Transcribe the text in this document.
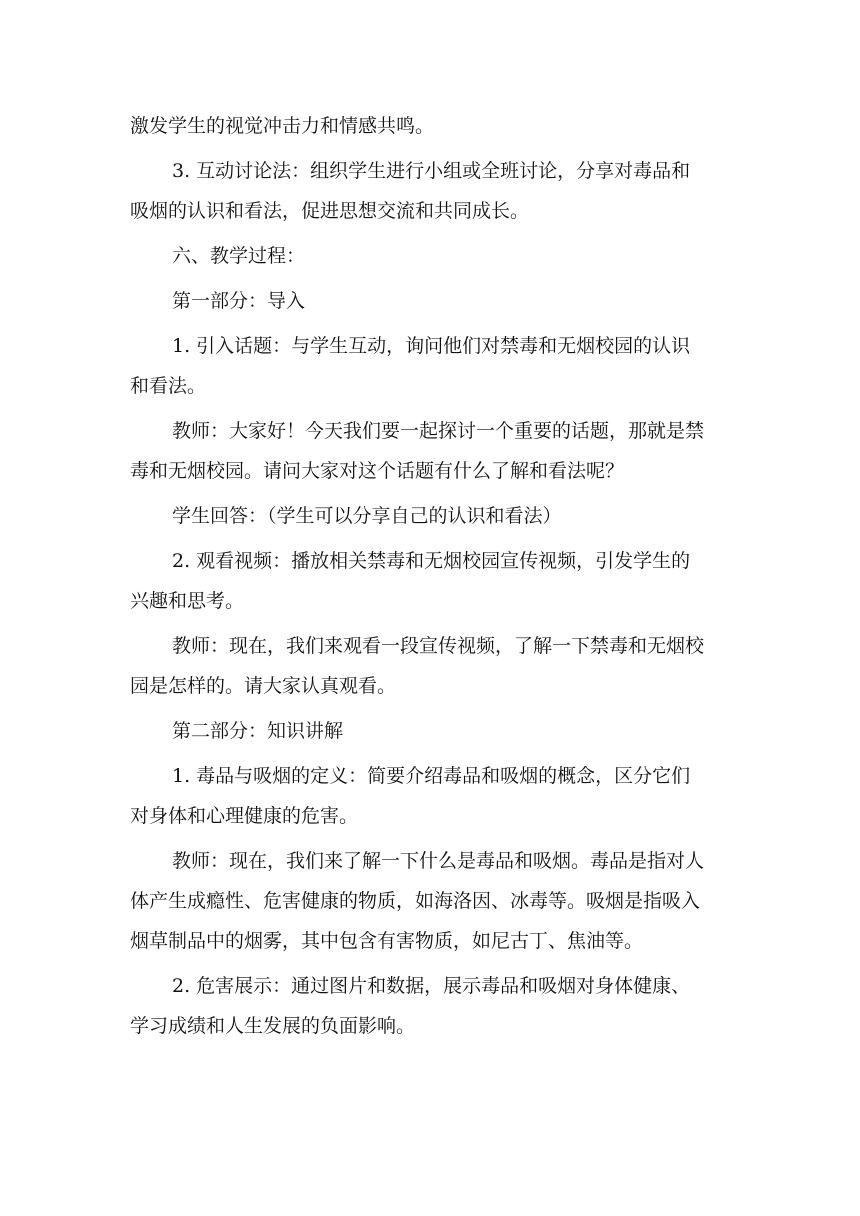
激发学生的视觉冲击力和情感共鸣。
3. 互动讨论法：组织学生进行小组或全班讨论，分享对毒品和
吸烟的认识和看法，促进思想交流和共同成长。
六、教学过程：
第一部分：导入
1. 引入话题：与学生互动，询问他们对禁毒和无烟校园的认识
和看法。
教师：大家好！今天我们要一起探讨一个重要的话题，那就是禁
毒和无烟校园。请问大家对这个话题有什么了解和看法呢？
学生回答：（学生可以分享自己的认识和看法）
2. 观看视频：播放相关禁毒和无烟校园宣传视频，引发学生的
兴趣和思考。
教师：现在，我们来观看一段宣传视频，了解一下禁毒和无烟校
园是怎样的。请大家认真观看。
第二部分：知识讲解
1. 毒品与吸烟的定义：简要介绍毒品和吸烟的概念，区分它们
对身体和心理健康的危害。
教师：现在，我们来了解一下什么是毒品和吸烟。毒品是指对人
体产生成瘾性、危害健康的物质，如海洛因、冰毒等。吸烟是指吸入
烟草制品中的烟雾，其中包含有害物质，如尼古丁、焦油等。
2. 危害展示：通过图片和数据，展示毒品和吸烟对身体健康、
学习成绩和人生发展的负面影响。
